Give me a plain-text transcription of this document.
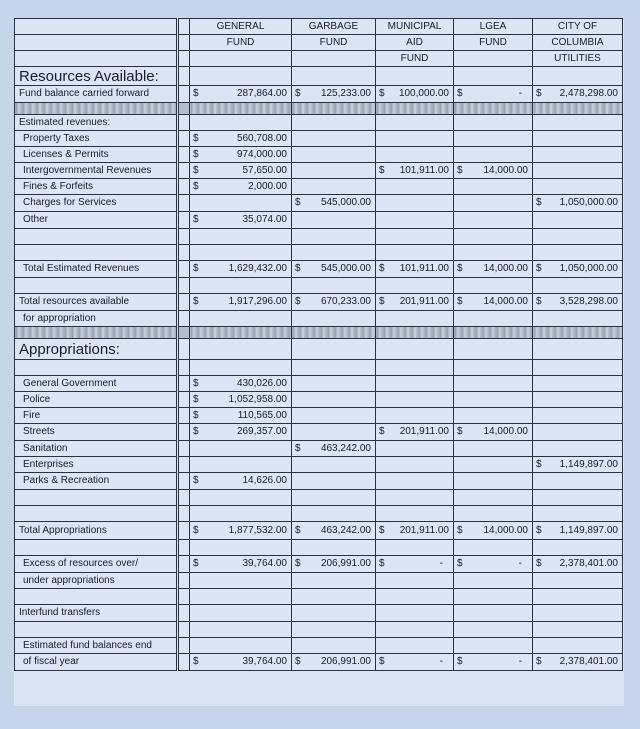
		GENERAL	GARBAGE	MUNICIPAL	LGEA	CITY OF
		FUND	FUND	AID	FUND	COLUMBIA
				FUND		UTILITIES
Resources Available:						
Fund balance carried forward		$ 287,864.00	$ 125,233.00	$ 100,000.00	$ -	$ 2,478,298.00

Estimated revenues:						
Property Taxes		$ 560,708.00				

Licenses & Permits		$ 974,000.00				

Intergovernmental Revenues		$ 57,650.00		$ 101,911.00	$ 14,000.00	

Fines & Forfeits		$ 2,000.00				

Charges for Services			$ 545,000.00			$ 1,050,000.00

Other		$ 35,074.00				

Total Estimated Revenues		$ 1,629,432.00	$ 545,000.00	$ 101,911.00	$ 14,000.00	$ 1,050,000.00

Total resources available		$ 1,917,296.00	$ 670,233.00	$ 201,911.00	$ 14,000.00	$ 3,528,298.00

for appropriation						

Appropriations:						

General Government		$ 430,026.00				

Police		$ 1,052,958.00				

Fire		$ 110,565.00				

Streets		$ 269,357.00		$ 201,911.00	$ 14,000.00	

Sanitation			$ 463,242.00			

Enterprises						$ 1,149,897.00

Parks & Recreation		$ 14,626.00				

Total Appropriations		$ 1,877,532.00	$ 463,242.00	$ 201,911.00	$ 14,000.00	$ 1,149,897.00

Excess of resources over/		$ 39,764.00	$ 206,991.00	$ -	$ -	$ 2,378,401.00

under appropriations						

Interfund transfers						

Estimated fund balances end						
of fiscal year		$ 39,764.00	$ 206,991.00	$ -	$ -	$ 2,378,401.00
